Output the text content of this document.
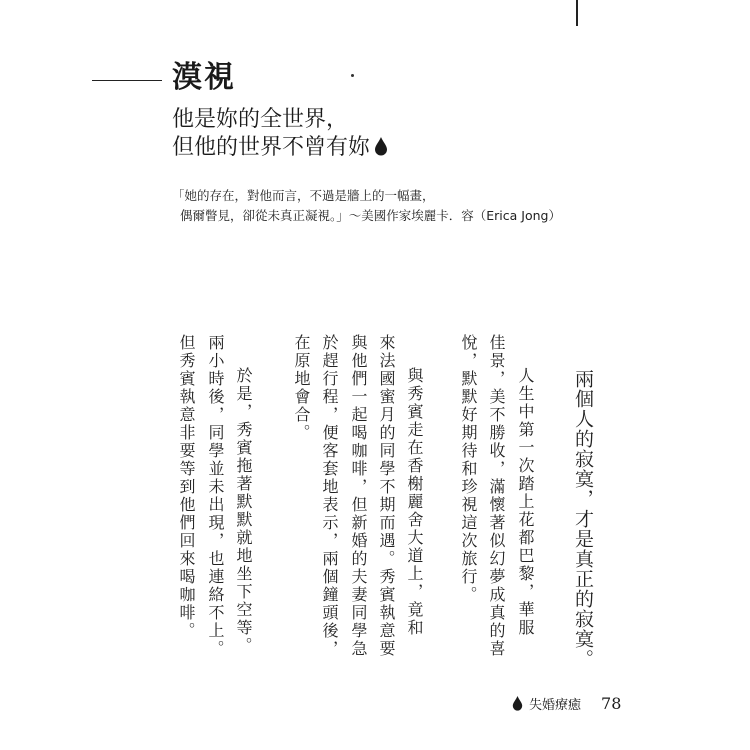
漠視
他是妳的全世界，
但他的世界不曾有妳
「她的存在，對他而言，不過是牆上的一幅畫，
偶爾瞥見，卻從未真正凝視。」～美國作家埃麗卡．容（Erica Jong）
兩個人的寂寞，才是真正的寂寞。
人生中第一次踏上花都巴黎，華服
佳景，美不勝收，滿懷著似幻夢成真的喜
悅，默默好期待和珍視這次旅行。
與秀賓走在香榭麗舍大道上，竟和
來法國蜜月的同學不期而遇。秀賓執意要
與他們一起喝咖啡，但新婚的夫妻同學急
於趕行程，便客套地表示，兩個鐘頭後，
在原地會合。
於是，秀賓拖著默默就地坐下空等。
兩小時後，同學並未出現，也連絡不上。
但秀賓執意非要等到他們回來喝咖啡。
失婚療癒 78
